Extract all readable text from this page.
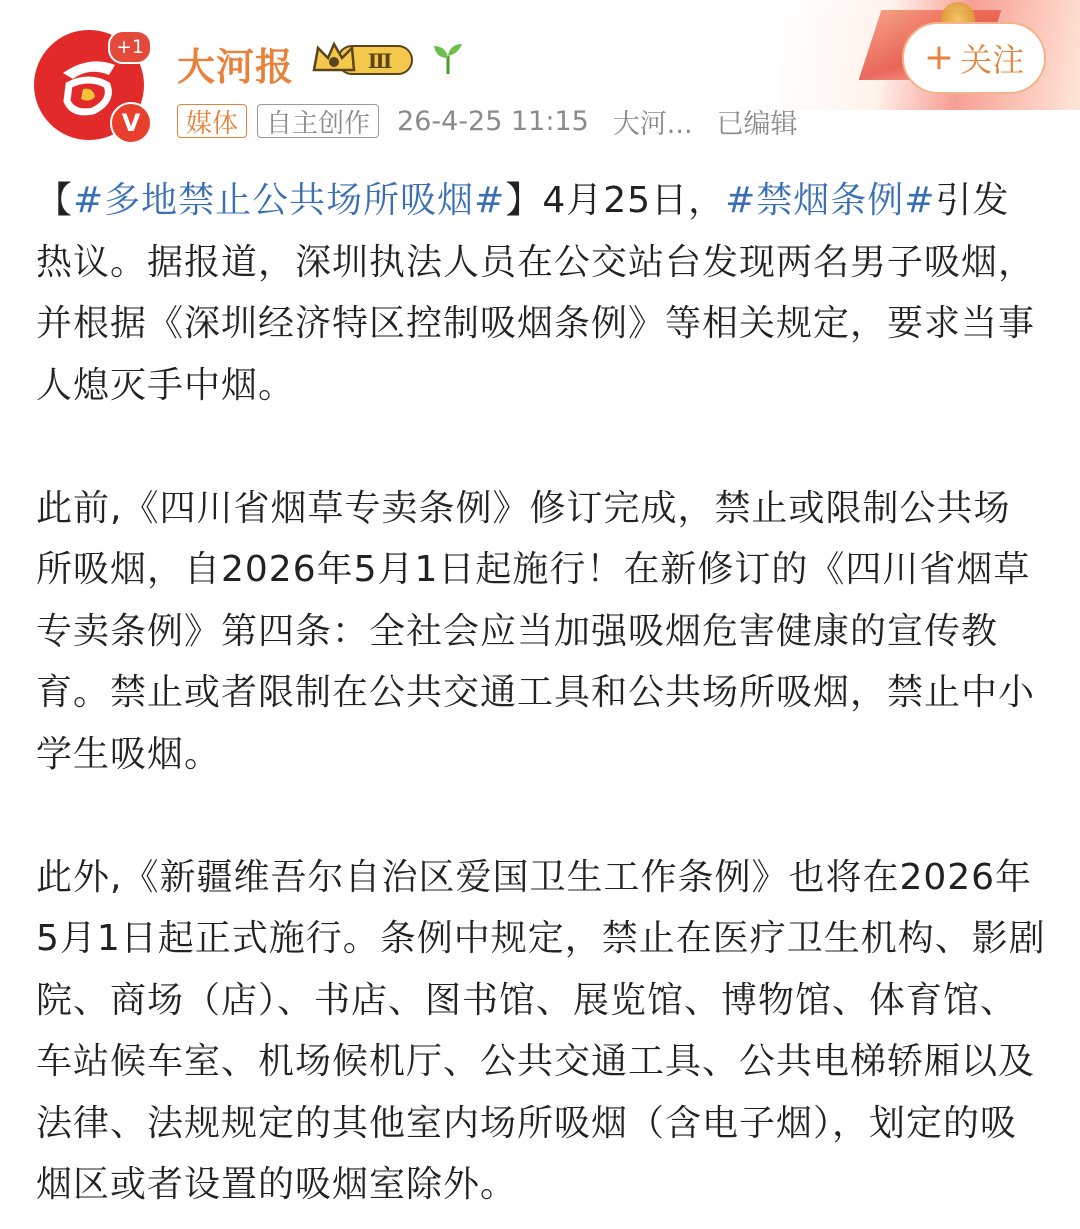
+1
V
大河报	Ⅲ	+ 关注
媒体	自主创作	26-4-25 11:15 大河... 已编辑

【#多地禁止公共场所吸烟#】4月25日，#禁烟条例#引发热议。据报道，深圳执法人员在公交站台发现两名男子吸烟，并根据《深圳经济特区控制吸烟条例》等相关规定，要求当事人熄灭手中烟。

此前,《四川省烟草专卖条例》修订完成，禁止或限制公共场所吸烟，自2026年5月1日起施行！在新修订的《四川省烟草专卖条例》第四条：全社会应当加强吸烟危害健康的宣传教育。禁止或者限制在公共交通工具和公共场所吸烟，禁止中小学生吸烟。

此外,《新疆维吾尔自治区爱国卫生工作条例》也将在2026年5月1日起正式施行。条例中规定，禁止在医疗卫生机构、影剧院、商场（店）、书店、图书馆、展览馆、博物馆、体育馆、车站候车室、机场候机厅、公共交通工具、公共电梯轿厢以及法律、法规规定的其他室内场所吸烟（含电子烟），划定的吸烟区或者设置的吸烟室除外。
